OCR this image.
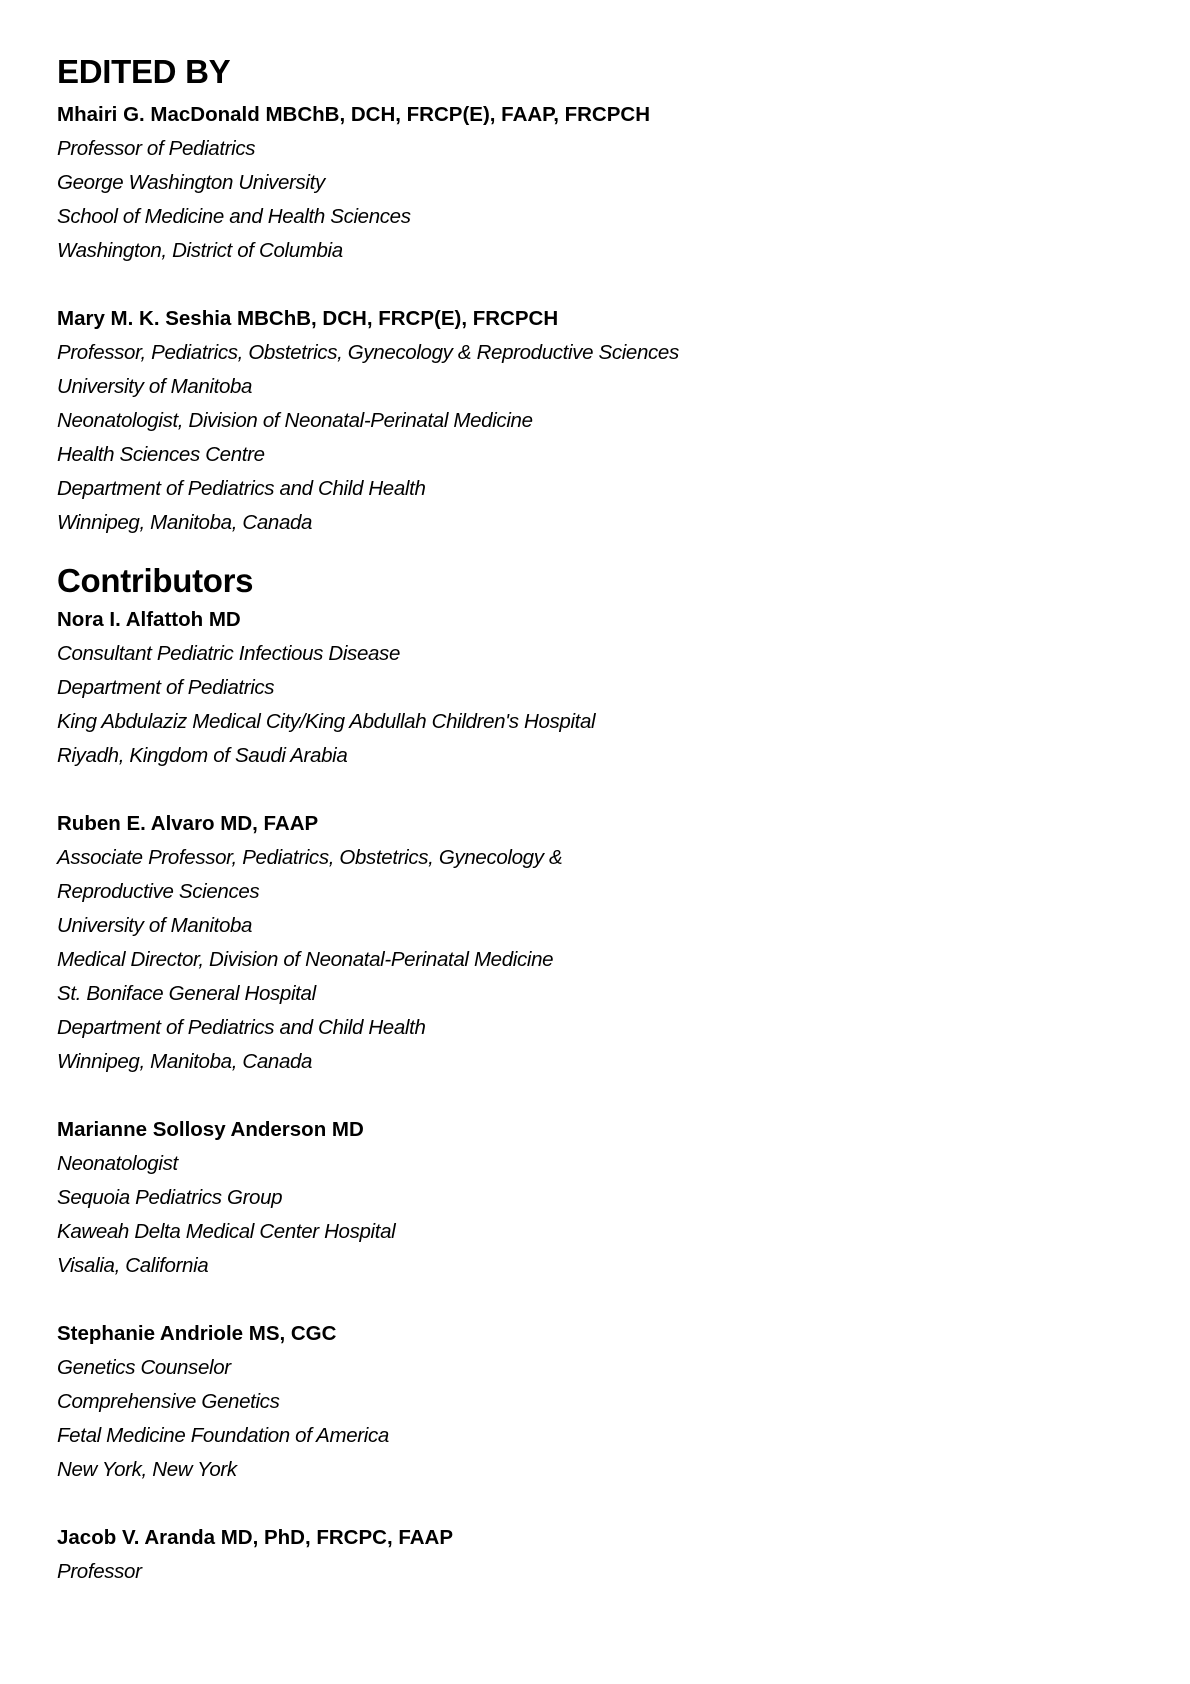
EDITED BY
Mhairi G. MacDonald MBChB, DCH, FRCP(E), FAAP, FRCPCH
Professor of Pediatrics
George Washington University
School of Medicine and Health Sciences
Washington, District of Columbia
Mary M. K. Seshia MBChB, DCH, FRCP(E), FRCPCH
Professor, Pediatrics, Obstetrics, Gynecology & Reproductive Sciences
University of Manitoba
Neonatologist, Division of Neonatal-Perinatal Medicine
Health Sciences Centre
Department of Pediatrics and Child Health
Winnipeg, Manitoba, Canada
Contributors
Nora I. Alfattoh MD
Consultant Pediatric Infectious Disease
Department of Pediatrics
King Abdulaziz Medical City/King Abdullah Children's Hospital
Riyadh, Kingdom of Saudi Arabia
Ruben E. Alvaro MD, FAAP
Associate Professor, Pediatrics, Obstetrics, Gynecology &
Reproductive Sciences
University of Manitoba
Medical Director, Division of Neonatal-Perinatal Medicine
St. Boniface General Hospital
Department of Pediatrics and Child Health
Winnipeg, Manitoba, Canada
Marianne Sollosy Anderson MD
Neonatologist
Sequoia Pediatrics Group
Kaweah Delta Medical Center Hospital
Visalia, California
Stephanie Andriole MS, CGC
Genetics Counselor
Comprehensive Genetics
Fetal Medicine Foundation of America
New York, New York
Jacob V. Aranda MD, PhD, FRCPC, FAAP
Professor
